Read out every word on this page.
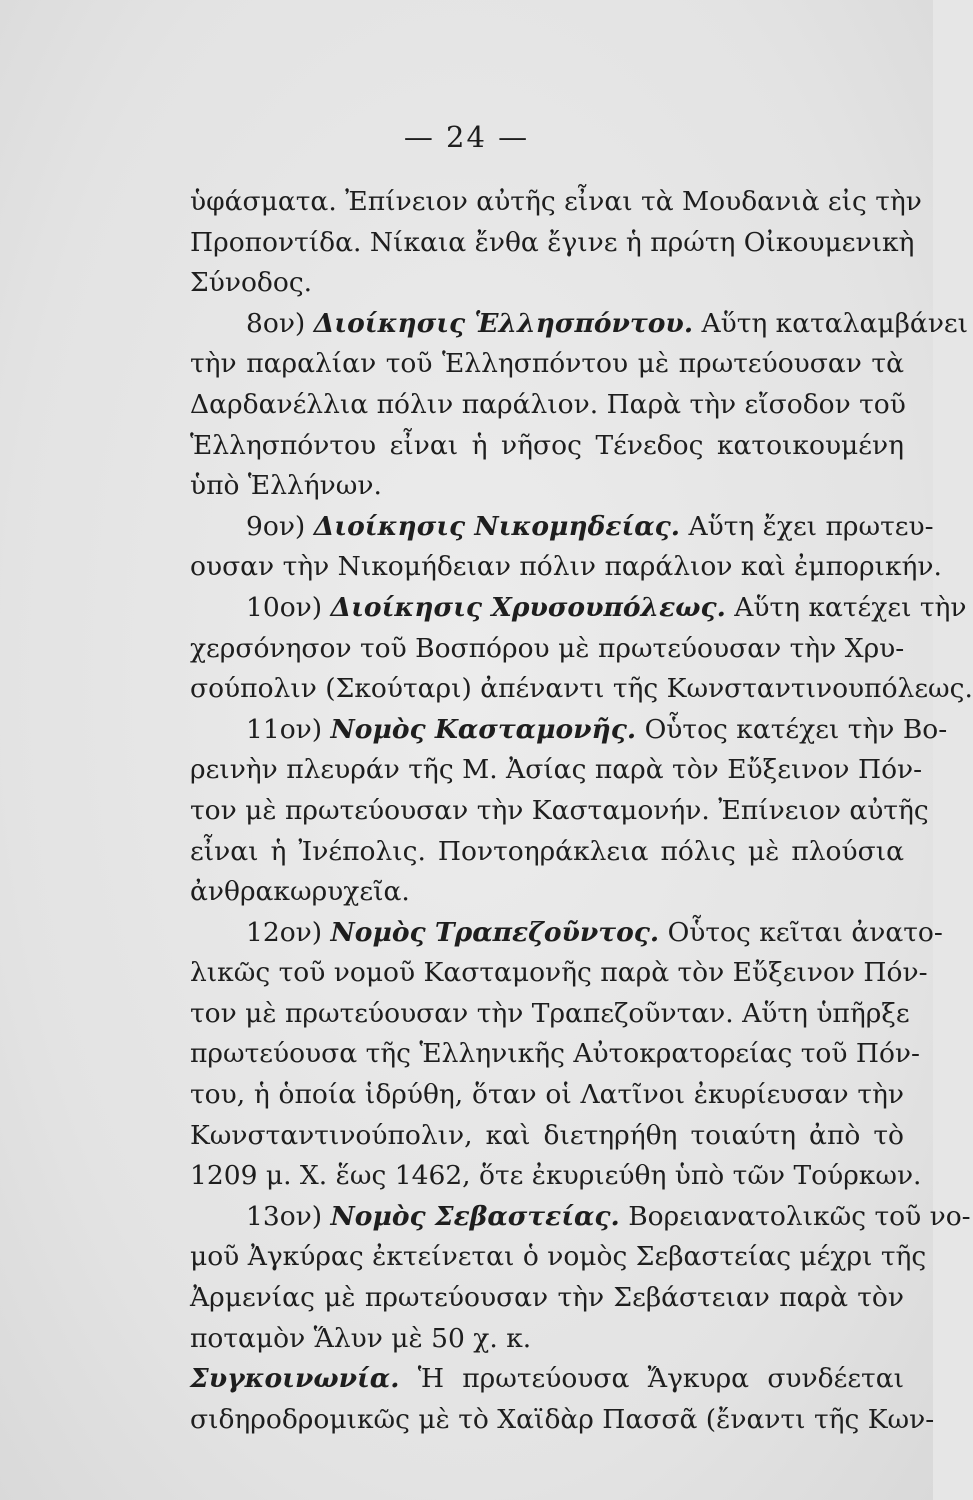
— 24 —
ὑφάσματα. Ἐπίνειον αὐτῆς εἶναι τὰ Μουδανιὰ εἰς τὴν
Προποντίδα. Νίκαια ἔνθα ἔγινε ἡ πρώτη Οἰκουμενικὴ
Σύνοδος.
8ον) Διοίκησις Ἑλλησπόντου. Αὕτη καταλαμβάνει
τὴν παραλίαν τοῦ Ἑλλησπόντου μὲ πρωτεύουσαν τὰ
Δαρδανέλλια πόλιν παράλιον. Παρὰ τὴν εἴσοδον τοῦ
Ἑλλησπόντου εἶναι ἡ νῆσος Τένεδος κατοικουμένη
ὑπὸ Ἑλλήνων.
9ον) Διοίκησις Νικομηδείας. Αὕτη ἔχει πρωτευ-
ουσαν τὴν Νικομήδειαν πόλιν παράλιον καὶ ἐμπορικήν.
10ον) Διοίκησις Χρυσουπόλεως. Αὕτη κατέχει τὴν
χερσόνησον τοῦ Βοσπόρου μὲ πρωτεύουσαν τὴν Χρυ-
σούπολιν (Σκούταρι) ἀπέναντι τῆς Κωνσταντινουπόλεως.
11ον) Νομὸς Κασταμονῆς. Οὗτος κατέχει τὴν Βο-
ρεινὴν πλευράν τῆς Μ. Ἀσίας παρὰ τὸν Εὔξεινον Πόν-
τον μὲ πρωτεύουσαν τὴν Κασταμονήν. Ἐπίνειον αὐτῆς
εἶναι ἡ Ἰνέπολις. Ποντοηράκλεια πόλις μὲ πλούσια
ἀνθρακωρυχεῖα.
12ον) Νομὸς Τραπεζοῦντος. Οὗτος κεῖται ἀνατο-
λικῶς τοῦ νομοῦ Κασταμονῆς παρὰ τὸν Εὔξεινον Πόν-
τον μὲ πρωτεύουσαν τὴν Τραπεζοῦνταν. Αὕτη ὑπῆρξε
πρωτεύουσα τῆς Ἑλληνικῆς Αὐτοκρατορείας τοῦ Πόν-
του, ἡ ὁποία ἱδρύθη, ὅταν οἱ Λατῖνοι ἐκυρίευσαν τὴν
Κωνσταντινούπολιν, καὶ διετηρήθη τοιαύτη ἀπὸ τὸ
1209 μ. Χ. ἕως 1462, ὅτε ἐκυριεύθη ὑπὸ τῶν Τούρκων.
13ον) Νομὸς Σεβαστείας. Βορειανατολικῶς τοῦ νο-
μοῦ Ἀγκύρας ἐκτείνεται ὁ νομὸς Σεβαστείας μέχρι τῆς
Ἀρμενίας μὲ πρωτεύουσαν τὴν Σεβάστειαν παρὰ τὸν
ποταμὸν Ἅλυν μὲ 50 χ. κ.
Συγκοινωνία. Ἡ πρωτεύουσα Ἄγκυρα συνδέεται
σιδηροδρομικῶς μὲ τὸ Χαϊδὰρ Πασσᾶ (ἔναντι τῆς Κων-
